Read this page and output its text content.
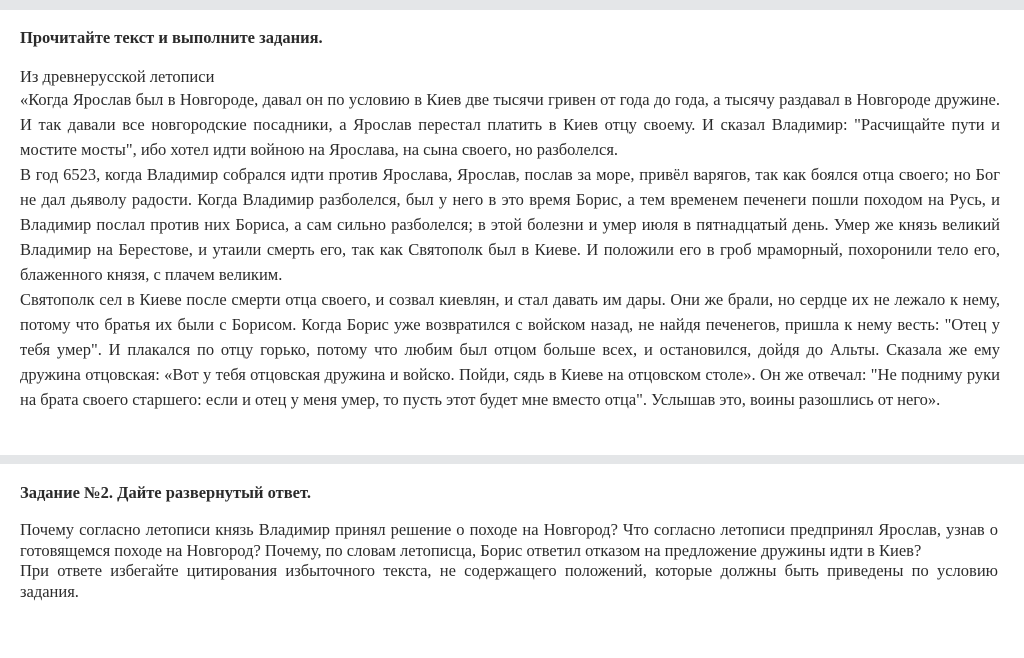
Прочитайте текст и выполните задания.

Из древнерусской летописи

«Когда Ярослав был в Новгороде, давал он по условию в Киев две тысячи гривен от года до года, а тысячу раздавал в Новгороде дружине. И так давали все новгородские посадники, а Ярослав перестал платить в Киев отцу своему. И сказал Владимир: "Расчищайте пути и мостите мосты", ибо хотел идти войною на Ярослава, на сына своего, но разболелся.

В год 6523, когда Владимир собрался идти против Ярослава, Ярослав, послав за море, привёл варягов, так как боялся отца своего; но Бог не дал дьяволу радости. Когда Владимир разболелся, был у него в это время Борис, а тем временем печенеги пошли походом на Русь, и Владимир послал против них Бориса, а сам сильно разболелся; в этой болезни и умер июля в пятнадцатый день. Умер же князь великий Владимир на Берестове, и утаили смерть его, так как Святополк был в Киеве. И положили его в гроб мраморный, похоронили тело его, блаженного князя, с плачем великим.

Святополк сел в Киеве после смерти отца своего, и созвал киевлян, и стал давать им дары. Они же брали, но сердце их не лежало к нему, потому что братья их были с Борисом. Когда Борис уже возвратился с войском назад, не найдя печенегов, пришла к нему весть: "Отец у тебя умер". И плакался по отцу горько, потому что любим был отцом больше всех, и остановился, дойдя до Альты. Сказала же ему дружина отцовская: «Вот у тебя отцовская дружина и войско. Пойди, сядь в Киеве на отцовском столе». Он же отвечал: "Не подниму руки на брата своего старшего: если и отец у меня умер, то пусть этот будет мне вместо отца". Услышав это, воины разошлись от него».

Задание №2. Дайте развернутый ответ.

Почему согласно летописи князь Владимир принял решение о походе на Новгород? Что согласно летописи предпринял Ярослав, узнав о готовящемся походе на Новгород? Почему, по словам летописца, Борис ответил отказом на предложение дружины идти в Киев?

При ответе избегайте цитирования избыточного текста, не содержащего положений, которые должны быть приведены по условию задания.
